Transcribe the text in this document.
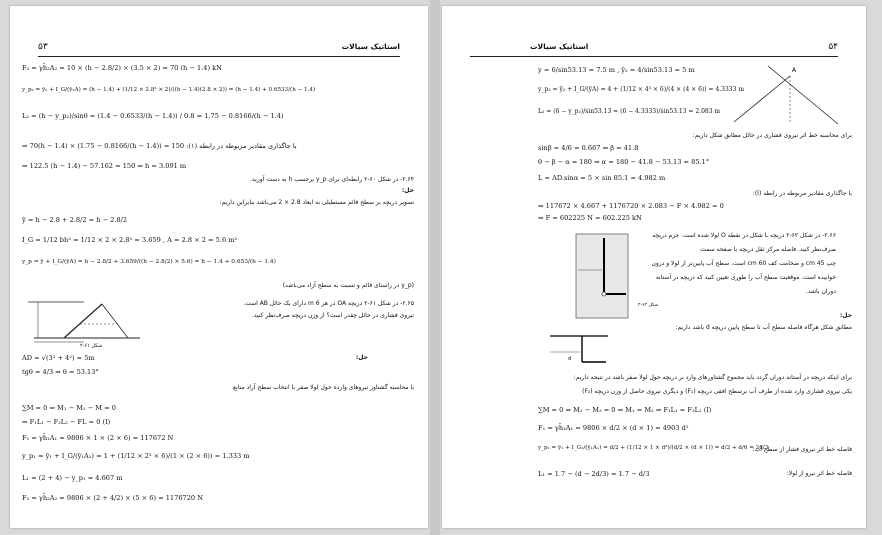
۵۳	استاتیک سیالات
F₂ = γh̄₂A₂ = 10 × (h − 2.8/2) × (3.5 × 2) = 70 (h − 1.4) kN
y_p₂ = ȳ₂ + I_G/(ȳ₂A) = (h − 1.4) + (1/12 × 2.8³ × 2)/((h − 1.4)(2.8 × 2)) = (h − 1.4) + 0.6533/(h − 1.4)
L₂ = (h − y_p₂)/sinθ = (1.4 − 0.6533/(h − 1.4)) / 0.8 = 1.75 − 0.8166/(h − 1.4)
⇒ 70(h − 1.4) × (1.75 − 0.8166/(h − 1.4)) = 150 :با جاگذاری مقادیر مربوطه در رابطه (۱)
⇒ 122.5 (h − 1.4) − 57.162 = 150 ⇒ h = 3.091 m
۲.۶۴- در شکل ۶۰-۲ رابطه‌ای برای y_p برحسب h به دست آورید.
حل:
تصویر دریچه بر سطح قائم مستطیلی به ابعاد 2.8 × 2 می‌باشد بنابراین داریم:
ȳ = h − 2.8 + 2.8/2 = h − 2.8/2
I_G = 1/12 bh³ = 1/12 × 2 × 2.8³ = 3.659 , A = 2.8 × 2 = 5.6 m²
y_p = ȳ + I_G/(ȳA) = h − 2.8/2 + 3.659/((h − 2.8/2) × 5.6) = h − 1.4 + 0.653/(h − 1.4)
(y_p در راستای قائم و نسبت به سطح آزاد می‌باشد)
۲.۶۵- در شکل ۶۱-۲ دریچه OA در هر 6 m دارای یک حائل AB است.
نیروی فشاری در حائل چقدر است؟ از وزن دریچه صرف‌نظر کنید.
شکل ۶۱-۲
حل:
AD = √(3² + 4²) = 5m
tgθ = 4/3 ⇒ θ = 53.13°
با محاسبه گشتاور نیروهای وارده حول لولا صفر با انتخاب سطح آزاد منابع
∑M = 0 ⇒ M₁ − M₂ − M = 0
⇒ F₁L₁ − F₂L₂ − FL = 0 (I)
F₁ = γh̄₁A₁ = 9806 × 1 × (2 × 6) = 117672 N
y_p₁ = ȳ₁ + I_G/(ȳ₁A₁) = 1 + (1/12 × 2³ × 6)/(1 × (2 × 6)) = 1.333 m
L₁ = (2 + 4) − y_p₁ = 4.667 m
F₂ = γh̄₂A₂ = 9806 × (2 + 4/2) × (5 × 6) = 1176720 N
استاتیک سیالات	۵۴
y = 6/sin53.13 = 7.5 m , ȳ₂ = 4/sin53.13 = 5 m
y_p₂ = ȳ₂ + I_G/(ȳA) = 4 + (1/12 × 4³ × 6)/(4 × (4 × 6)) = 4.3333 m
L₂ = (6 − y_p₂)/sin53.13 = (6 − 4.3333)/sin53.13 = 2.083 m
A
برای محاسبه خط اثر نیروی فشاری در حائل مطابق شکل داریم:
sinβ = 4/6 = 0.667 ⇒ β = 41.8
θ − β − α = 180 ⇒ α = 180 − 41.8 − 53.13 = 85.1°
L = AD.sinα = 5 × sin 85.1 = 4.982 m
با جاگذاری مقادیر مربوطه در رابطه (I):
⇒ 117672 × 4.667 + 1176720 × 2.083 − F × 4.982 = 0
⇒ F = 602225 N = 602.225 kN
۲.۶۶- در شکل ۶۲-۲ دریچه L شکل در نقطه O لولا شده است. جرم دریچه
صرف‌نظر کنید. فاصله مرکز ثقل دریچه با صفحه سمت
چپ 45 cm و ضخامت کف 60 cm است. سطح آب پایین‌تر از لولا و درون
خوابیده است. موقعیت سطح آب را طوری تعیین کنید که دریچه در آستانه
دوران باشد.
شکل ۶۲-۲
حل:
مطابق شکل هرگاه فاصله سطح آب تا سطح پایین دریچه d باشد داریم:
d
برای اینکه دریچه در آستانه دوران گردد باید مجموع گشتاورهای وارد بر دریچه حول لولا صفر باشد در نتیجه داریم:
یکی نیروی فشاری وارد شده از طرف آب برسطح افقی دریچه (F₁) و دیگری نیروی حاصل از وزن دریچه (F₂)
∑M = 0 ⇒ M₁ − M₂ = 0 ⇒ M₁ = M₂ ⇒ F₁L₁ = F₂L₂ (I)
F₁ = γh̄₁A₁ = 9806 × d/2 × (d × 1) = 4903 d²
فاصله خط اثر نیروی فشار از سطح آب:
y_p₁ = ȳ₁ + I_G₁/(ȳ₁A₁) = d/2 + (1/12 × 1 × d³)/(d/2 × (d × 1)) = d/2 + d/6 = 2d/3
فاصله خط اثر نیرو از لولا:
L₁ = 1.7 − (d − 2d/3) = 1.7 − d/3
